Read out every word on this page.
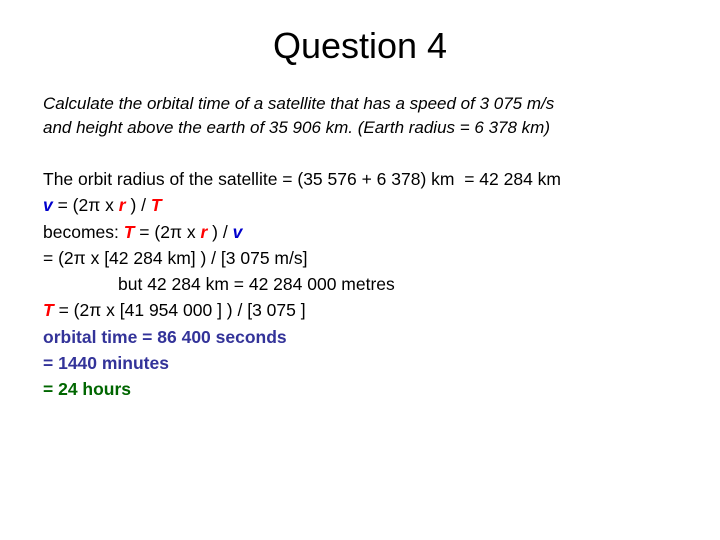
Question 4
Calculate the orbital time of a satellite that has a speed of 3 075 m/s
and height above the earth of 35 906 km. (Earth radius = 6 378 km)
The orbit radius of the satellite = (35 576 + 6 378) km  = 42 284 km
v = (2π x r ) / T
becomes: T = (2π x r ) / v
= (2π x [42 284 km] ) / [3 075 m/s]
but 42 284 km = 42 284 000 metres
T = (2π x [41 954 000 ] ) / [3 075 ]
orbital time = 86 400 seconds
= 1440 minutes
= 24 hours
